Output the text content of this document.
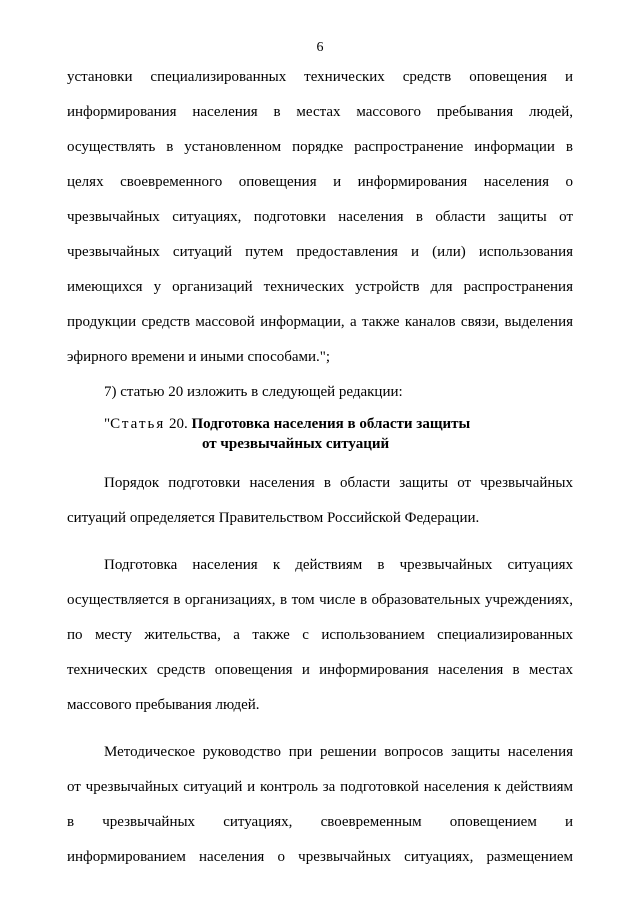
6
установки специализированных технических средств оповещения и
информирования населения в местах массового пребывания людей,
осуществлять в установленном порядке распространение информации в
целях своевременного оповещения и информирования населения о
чрезвычайных ситуациях, подготовки населения в области защиты от
чрезвычайных ситуаций путем предоставления и (или) использования
имеющихся у организаций технических устройств для распространения
продукции средств массовой информации, а также каналов связи, выделения
эфирного времени и иными способами.";
7) статью 20 изложить в следующей редакции:
"Статья 20. Подготовка населения в области защиты
от чрезвычайных ситуаций
Порядок подготовки населения в области защиты от чрезвычайных
ситуаций определяется Правительством Российской Федерации.
Подготовка населения к действиям в чрезвычайных ситуациях
осуществляется в организациях, в том числе в образовательных учреждениях,
по месту жительства, а также с использованием специализированных
технических средств оповещения и информирования населения в местах
массового пребывания людей.
Методическое руководство при решении вопросов защиты населения
от чрезвычайных ситуаций и контроль за подготовкой населения к действиям
в чрезвычайных ситуациях, своевременным оповещением и
информированием населения о чрезвычайных ситуациях, размещением
